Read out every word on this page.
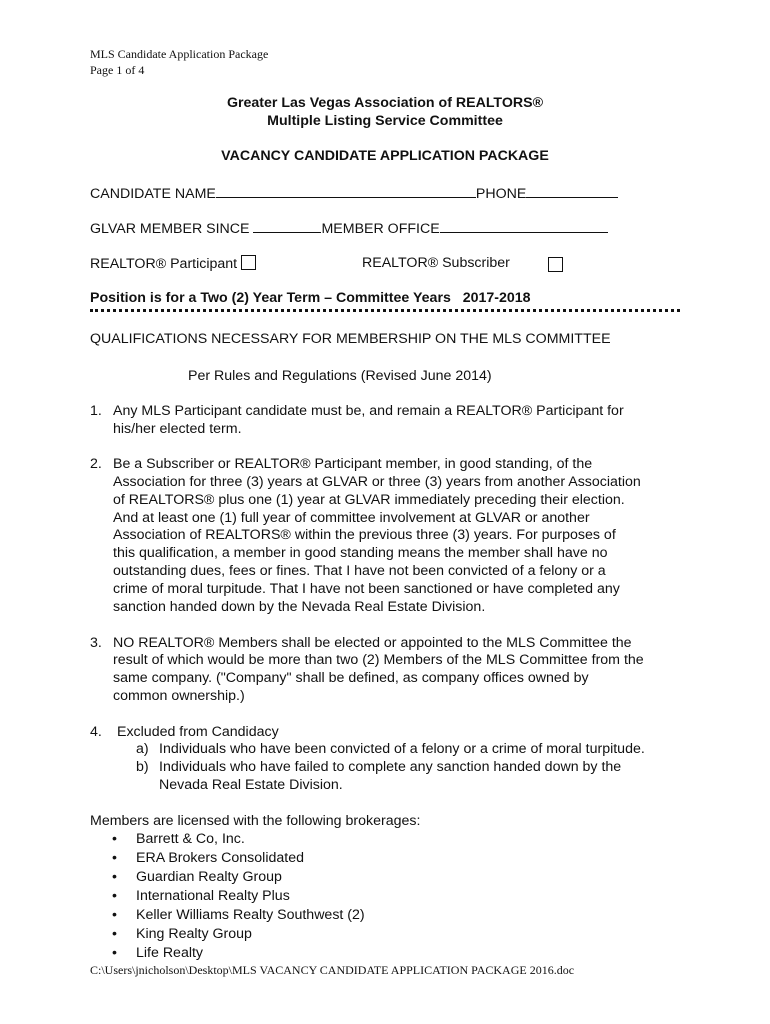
MLS Candidate Application Package
Page 1 of 4
Greater Las Vegas Association of REALTORS®
Multiple Listing Service Committee
VACANCY CANDIDATE APPLICATION PACKAGE
CANDIDATE NAME	PHONE
GLVAR MEMBER SINCE	MEMBER OFFICE
REALTOR® Participant	REALTOR® Subscriber
Position is for a Two (2) Year Term – Committee Years 2017-2018
QUALIFICATIONS NECESSARY FOR MEMBERSHIP ON THE MLS COMMITTEE
Per Rules and Regulations (Revised June 2014)
1. Any MLS Participant candidate must be, and remain a REALTOR® Participant for
his/her elected term.
2. Be a Subscriber or REALTOR® Participant member, in good standing, of the
Association for three (3) years at GLVAR or three (3) years from another Association
of REALTORS® plus one (1) year at GLVAR immediately preceding their election.
And at least one (1) full year of committee involvement at GLVAR or another
Association of REALTORS® within the previous three (3) years. For purposes of
this qualification, a member in good standing means the member shall have no
outstanding dues, fees or fines. That I have not been convicted of a felony or a
crime of moral turpitude. That I have not been sanctioned or have completed any
sanction handed down by the Nevada Real Estate Division.
3. NO REALTOR® Members shall be elected or appointed to the MLS Committee the
result of which would be more than two (2) Members of the MLS Committee from the
same company. ("Company" shall be defined, as company offices owned by
common ownership.)
4. Excluded from Candidacy
a) Individuals who have been convicted of a felony or a crime of moral turpitude.
b) Individuals who have failed to complete any sanction handed down by the
Nevada Real Estate Division.
Members are licensed with the following brokerages:
• Barrett & Co, Inc.
• ERA Brokers Consolidated
• Guardian Realty Group
• International Realty Plus
• Keller Williams Realty Southwest (2)
• King Realty Group
• Life Realty
C:\Users\jnicholson\Desktop\MLS VACANCY CANDIDATE APPLICATION PACKAGE 2016.doc
